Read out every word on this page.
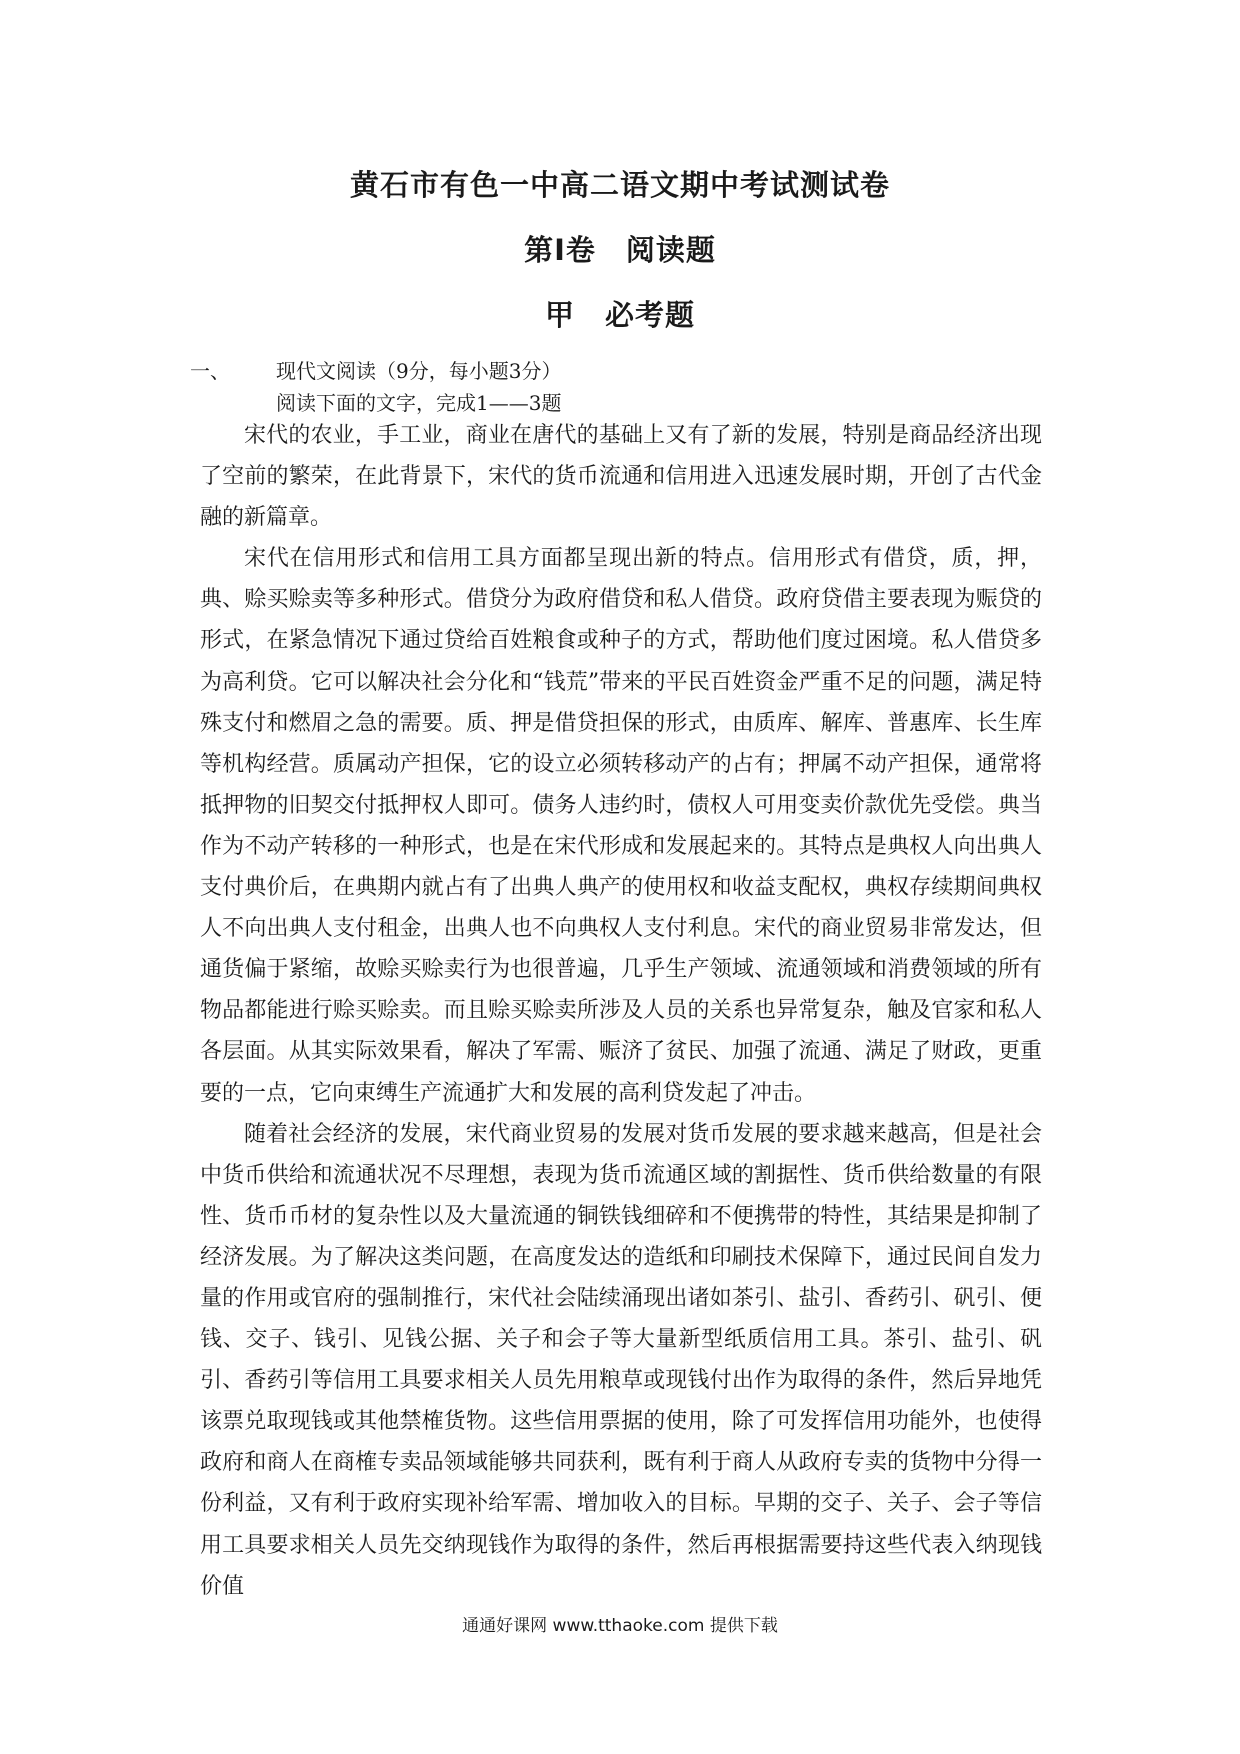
黄石市有色一中高二语文期中考试测试卷
第Ⅰ卷　阅读题
甲　必考题
一、 现代文阅读（9分，每小题3分）
阅读下面的文字，完成1——3题

宋代的农业，手工业，商业在唐代的基础上又有了新的发展，特别是商品经济出现了空前的繁荣，在此背景下，宋代的货币流通和信用进入迅速发展时期，开创了古代金融的新篇章。

宋代在信用形式和信用工具方面都呈现出新的特点。信用形式有借贷，质，押，典、赊买赊卖等多种形式。借贷分为政府借贷和私人借贷。政府贷借主要表现为赈贷的形式，在紧急情况下通过贷给百姓粮食或种子的方式，帮助他们度过困境。私人借贷多为高利贷。它可以解决社会分化和“钱荒”带来的平民百姓资金严重不足的问题，满足特殊支付和燃眉之急的需要。质、押是借贷担保的形式，由质库、解库、普惠库、长生库等机构经营。质属动产担保，它的设立必须转移动产的占有；押属不动产担保，通常将抵押物的旧契交付抵押权人即可。债务人违约时，债权人可用变卖价款优先受偿。典当作为不动产转移的一种形式，也是在宋代形成和发展起来的。其特点是典权人向出典人支付典价后，在典期内就占有了出典人典产的使用权和收益支配权，典权存续期间典权人不向出典人支付租金，出典人也不向典权人支付利息。宋代的商业贸易非常发达，但通货偏于紧缩，故赊买赊卖行为也很普遍，几乎生产领域、流通领域和消费领域的所有物品都能进行赊买赊卖。而且赊买赊卖所涉及人员的关系也异常复杂，触及官家和私人各层面。从其实际效果看，解决了军需、赈济了贫民、加强了流通、满足了财政，更重要的一点，它向束缚生产流通扩大和发展的高利贷发起了冲击。

随着社会经济的发展，宋代商业贸易的发展对货币发展的要求越来越高，但是社会中货币供给和流通状况不尽理想，表现为货币流通区域的割据性、货币供给数量的有限性、货币币材的复杂性以及大量流通的铜铁钱细碎和不便携带的特性，其结果是抑制了经济发展。为了解决这类问题，在高度发达的造纸和印刷技术保障下，通过民间自发力量的作用或官府的强制推行，宋代社会陆续涌现出诸如茶引、盐引、香药引、矾引、便钱、交子、钱引、见钱公据、关子和会子等大量新型纸质信用工具。茶引、盐引、矾引、香药引等信用工具要求相关人员先用粮草或现钱付出作为取得的条件，然后异地凭该票兑取现钱或其他禁榷货物。这些信用票据的使用，除了可发挥信用功能外，也使得政府和商人在商榷专卖品领域能够共同获利，既有利于商人从政府专卖的货物中分得一份利益，又有利于政府实现补给军需、增加收入的目标。早期的交子、关子、会子等信用工具要求相关人员先交纳现钱作为取得的条件，然后再根据需要持这些代表入纳现钱价值

通通好课网 www.tthaoke.com 提供下载
